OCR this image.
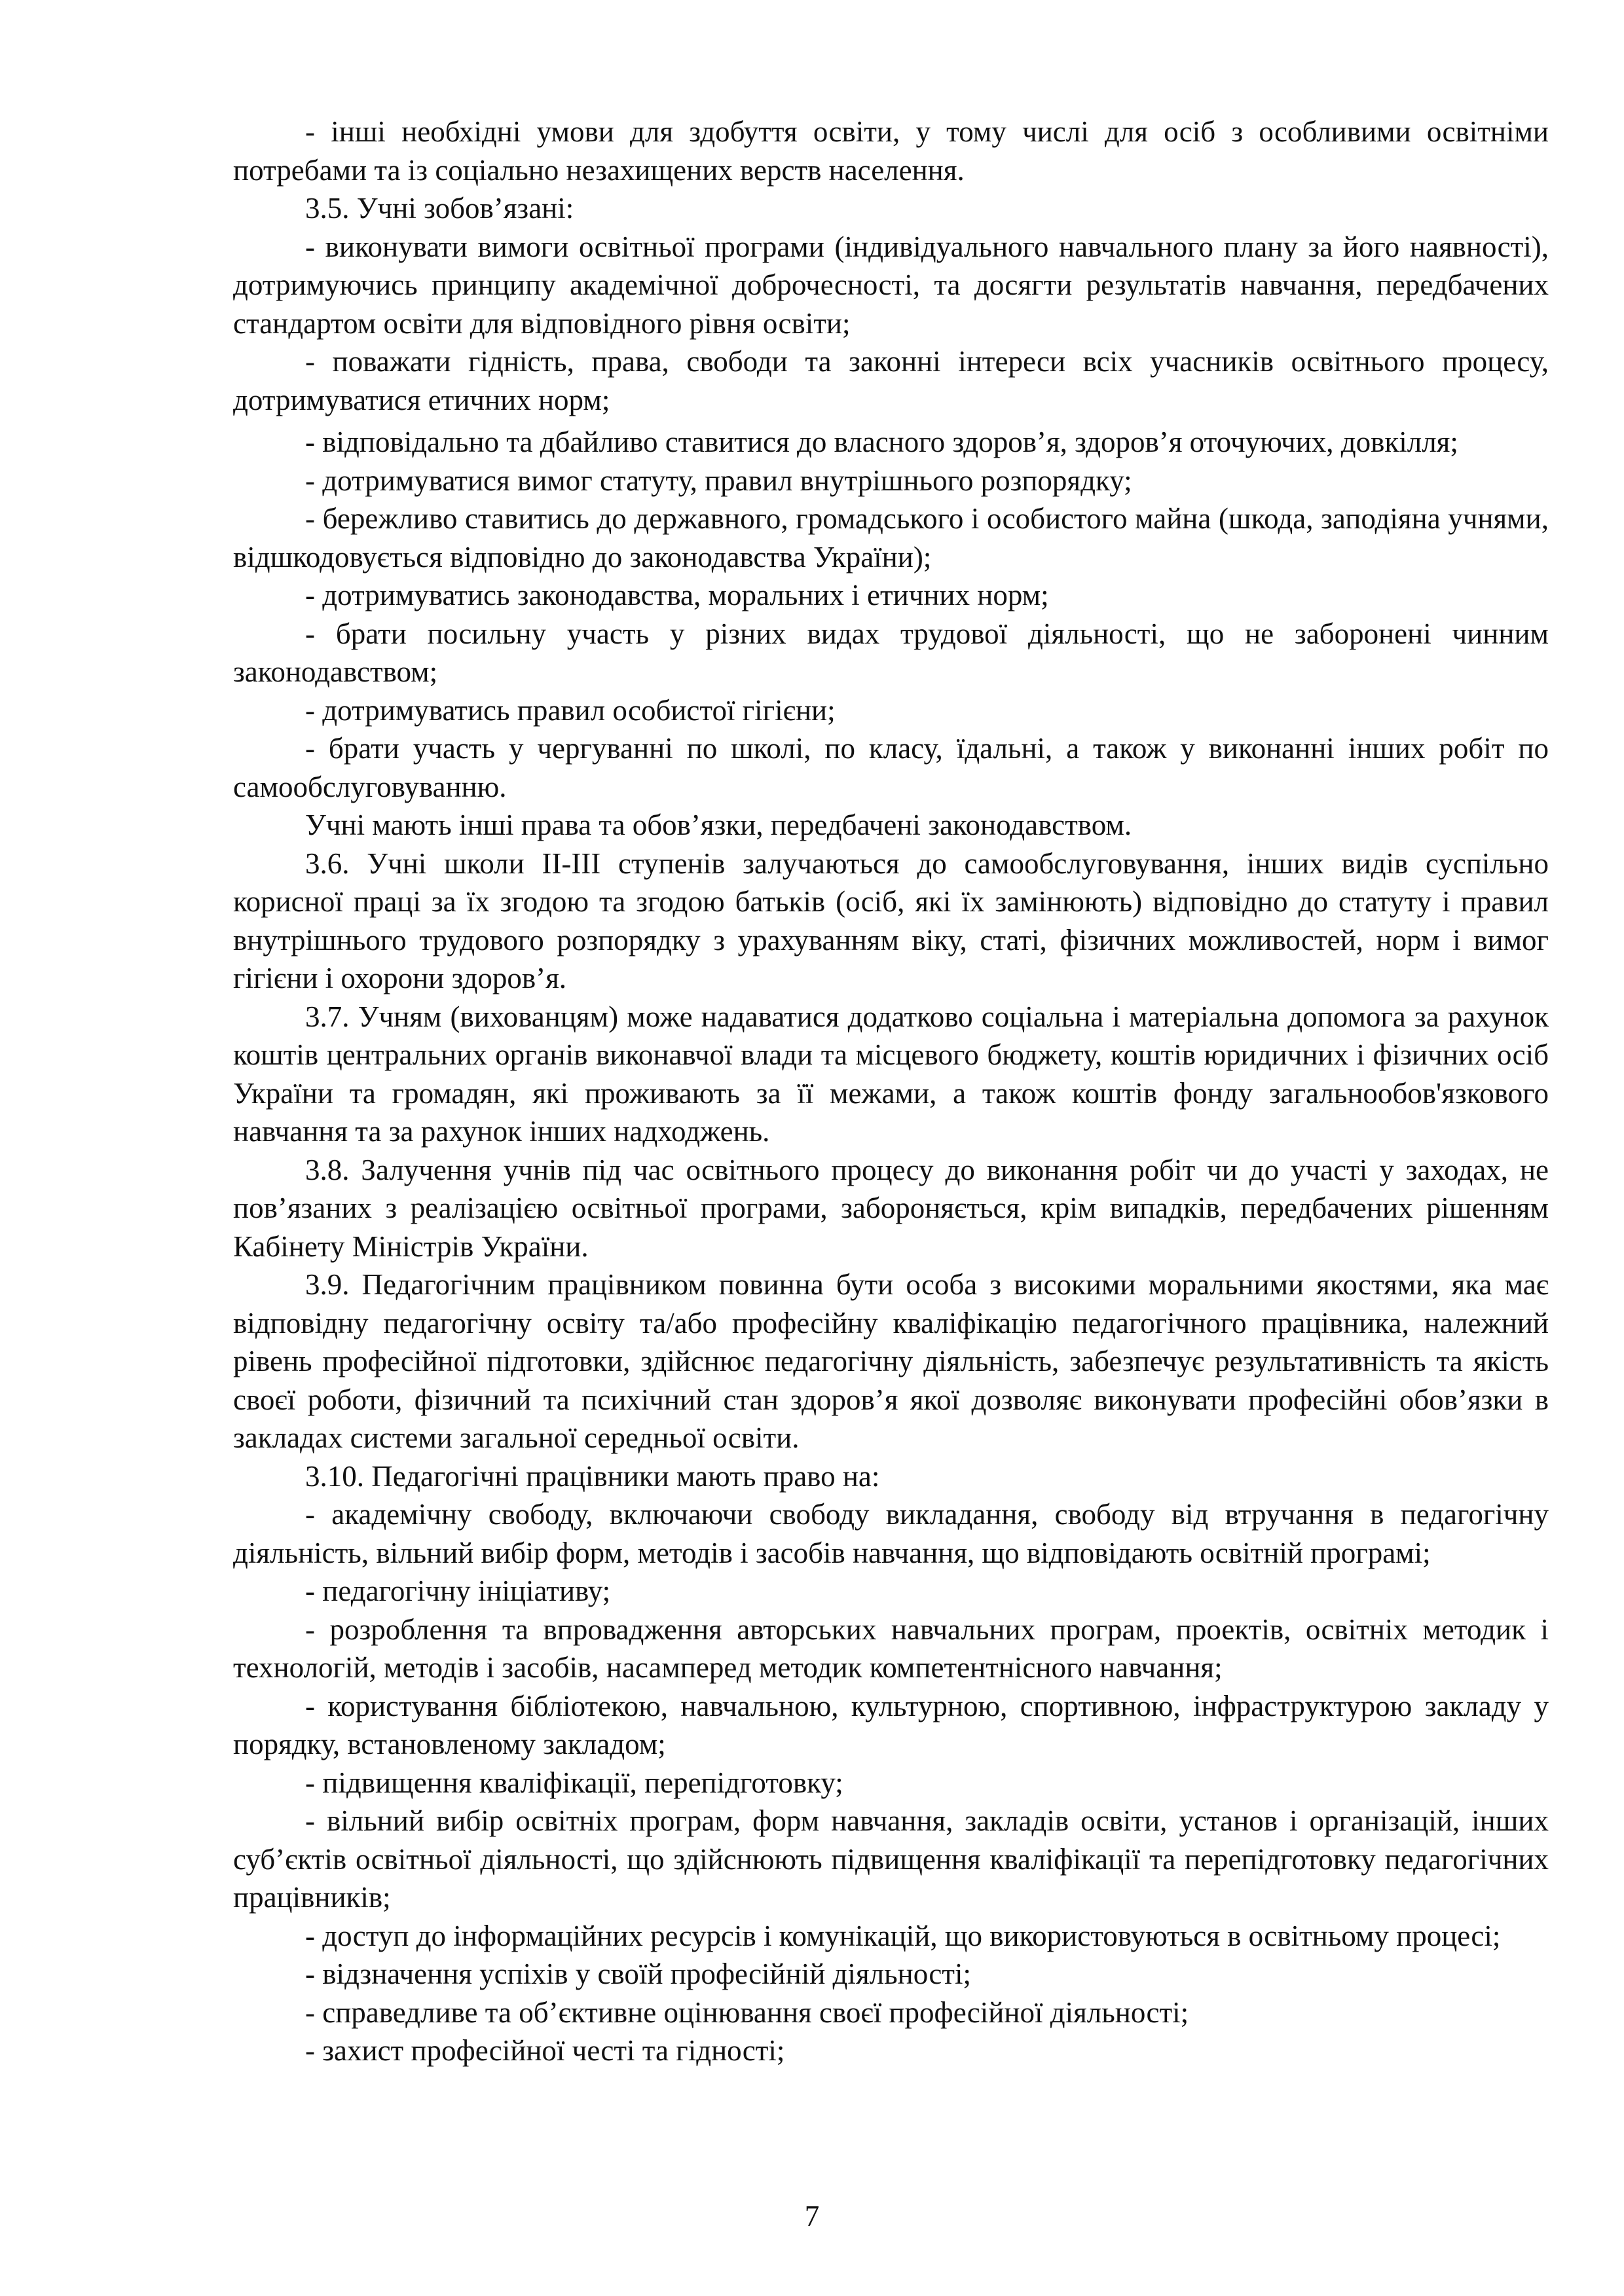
- інші необхідні умови для здобуття освіти, у тому числі для осіб з особливими освітніми потребами та із соціально незахищених верств населення.

3.5. Учні зобов’язані:

- виконувати вимоги освітньої програми (індивідуального навчального плану за його наявності), дотримуючись принципу академічної доброчесності, та досягти результатів навчання, передбачених стандартом освіти для відповідного рівня освіти;

- поважати гідність, права, свободи та законні інтереси всіх учасників освітнього процесу, дотримуватися етичних норм;

- відповідально та дбайливо ставитися до власного здоров’я, здоров’я оточуючих, довкілля;

- дотримуватися вимог статуту, правил внутрішнього розпорядку;

- бережливо ставитись до державного, громадського і особистого майна (шкода, заподіяна учнями, відшкодовується відповідно до законодавства України);

- дотримуватись законодавства, моральних і етичних норм;

- брати посильну участь у різних видах трудової діяльності, що не заборонені чинним законодавством;

- дотримуватись правил особистої гігієни;

- брати участь у чергуванні по школі, по класу, їдальні, а також у виконанні інших робіт по самообслуговуванню.

Учні мають інші права та обов’язки, передбачені законодавством.

3.6. Учні школи ІІ-ІІІ ступенів залучаються до самообслуговування, інших видів суспільно корисної праці за їх згодою та згодою батьків (осіб, які їх замінюють) відповідно до статуту і правил внутрішнього трудового розпорядку з урахуванням віку, статі, фізичних можливостей, норм і вимог гігієни і охорони здоров’я.

3.7. Учням (вихованцям) може надаватися додатково соціальна і матеріальна допомога за рахунок коштів центральних органів виконавчої влади та місцевого бюджету, коштів юридичних і фізичних осіб України та громадян, які проживають за її межами, а також коштів фонду загальнообов'язкового навчання та за рахунок інших надходжень.

3.8. Залучення учнів під час освітнього процесу до виконання робіт чи до участі у заходах, не пов’язаних з реалізацією освітньої програми, забороняється, крім випадків, передбачених рішенням Кабінету Міністрів України.

3.9. Педагогічним працівником повинна бути особа з високими моральними якостями, яка має відповідну педагогічну освіту та/або професійну кваліфікацію педагогічного працівника, належний рівень професійної підготовки, здійснює педагогічну діяльність, забезпечує результативність та якість своєї роботи, фізичний та психічний стан здоров’я якої дозволяє виконувати професійні обов’язки в закладах системи загальної середньої освіти.

3.10. Педагогічні працівники мають право на:

- академічну свободу, включаючи свободу викладання, свободу від втручання в педагогічну діяльність, вільний вибір форм, методів і засобів навчання, що відповідають освітній програмі;

- педагогічну ініціативу;

- розроблення та впровадження авторських навчальних програм, проектів, освітніх методик і технологій, методів і засобів, насамперед методик компетентнісного навчання;

- користування бібліотекою, навчальною, культурною, спортивною, інфраструктурою закладу у порядку, встановленому закладом;

- підвищення кваліфікації, перепідготовку;

- вільний вибір освітніх програм, форм навчання, закладів освіти, установ і організацій, інших суб’єктів освітньої діяльності, що здійснюють підвищення кваліфікації та перепідготовку педагогічних працівників;

- доступ до інформаційних ресурсів і комунікацій, що використовуються в освітньому процесі;

- відзначення успіхів у своїй професійній діяльності;

- справедливе та об’єктивне оцінювання своєї професійної діяльності;

- захист професійної честі та гідності;

7
